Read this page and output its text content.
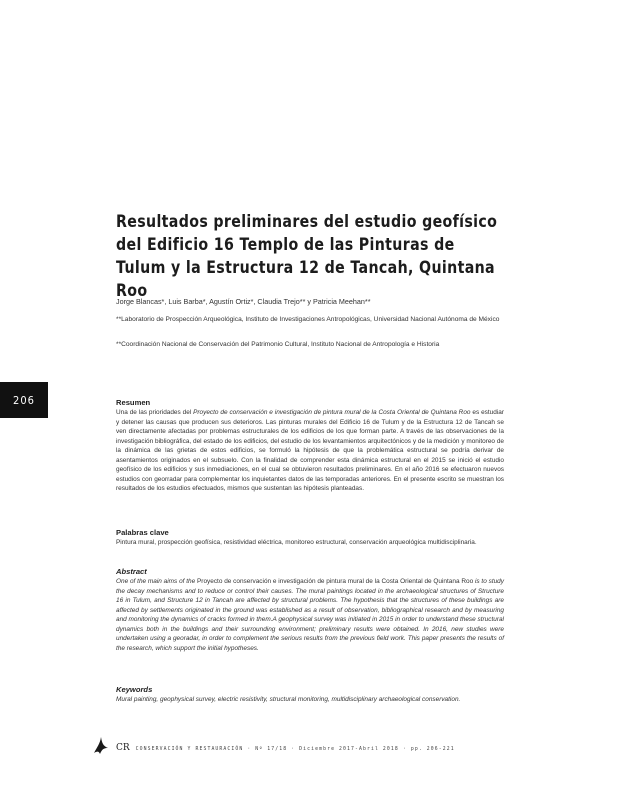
206
Resultados preliminares del estudio geofísico del Edificio 16 Templo de las Pinturas de Tulum y la Estructura 12 de Tancah, Quintana Roo
Jorge Blancas*, Luis Barba*, Agustín Ortiz*, Claudia Trejo** y Patricia Meehan**
**Laboratorio de Prospección Arqueológica, Instituto de Investigaciones Antropológicas, Universidad Nacional Autónoma de México
**Coordinación Nacional de Conservación del Patrimonio Cultural, Instituto Nacional de Antropología e Historia
Resumen

Una de las prioridades del Proyecto de conservación e investigación de pintura mural de la Costa Oriental de Quintana Roo es estudiar y detener las causas que producen sus deterioros. Las pinturas murales del Edificio 16 de Tulum y de la Estructura 12 de Tancah se ven directamente afectadas por problemas estructurales de los edificios de los que forman parte. A través de las observaciones de la investigación bibliográfica, del estado de los edificios, del estudio de los levantamientos arquitectónicos y de la medición y monitoreo de la dinámica de las grietas de estos edificios, se formuló la hipótesis de que la problemática estructural se podría derivar de asentamientos originados en el subsuelo. Con la finalidad de comprender esta dinámica estructural en el 2015 se inició el estudio geofísico de los edificios y sus inmediaciones, en el cual se obtuvieron resultados preliminares. En el año 2016 se efectuaron nuevos estudios con georradar para complementar los inquietantes datos de las temporadas anteriores. En el presente escrito se muestran los resultados de los estudios efectuados, mismos que sustentan las hipótesis planteadas.

Palabras clave

Pintura mural, prospección geofísica, resistividad eléctrica, monitoreo estructural, conservación arqueológica multidisciplinaria.

Abstract

One of the main aims of the Proyecto de conservación e investigación de pintura mural de la Costa Oriental de Quintana Roo is to study the decay mechanisms and to reduce or control their causes. The mural paintings located in the archaeological structures of Structure 16 in Tulum, and Structure 12 in Tancah are affected by structural problems. The hypothesis that the structures of these buildings are affected by settlements originated in the ground was established as a result of observation, bibliographical research and by measuring and monitoring the dynamics of cracks formed in them.A geophysical survey was initiated in 2015 in order to understand these structural dynamics both in the buildings and their surrounding environment; preliminary results were obtained. In 2016, new studies were undertaken using a georadar, in order to complement the serious results from the previous field work. This paper presents the results of the research, which support the initial hypotheses.

Keywords

Mural painting, geophysical survey, electric resistivity, structural monitoring, multidisciplinary archaeological conservation.

CR CONSERVACIÓN Y RESTAURACIÓN · Nº 17/18 · Diciembre 2017-Abril 2018 · pp. 206-221
